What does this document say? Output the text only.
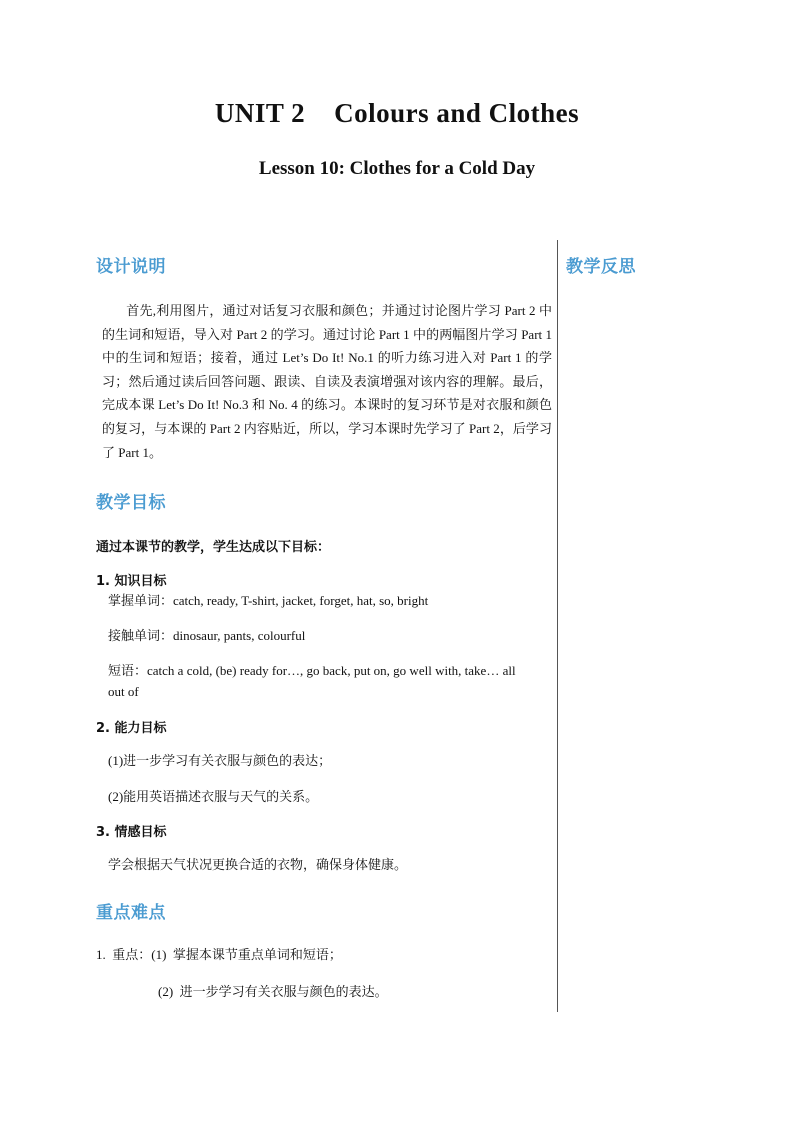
UNIT 2    Colours and Clothes
Lesson 10: Clothes for a Cold Day
设计说明	教学反思
首先,利用图片，通过对话复习衣服和颜色；并通过讨论图片学习 Part 2 中的生词和短语，导入对 Part 2 的学习。通过讨论 Part 1 中的两幅图片学习 Part 1 中的生词和短语；接着，通过 Let’s Do It! No.1 的听力练习进入对 Part 1 的学习；然后通过读后回答问题、跟读、自读及表演增强对该内容的理解。最后，完成本课 Let’s Do It! No.3 和 No. 4 的练习。本课时的复习环节是对衣服和颜色的复习，与本课的 Part 2 内容贴近，所以，学习本课时先学习了 Part 2，后学习了 Part 1。
教学目标
通过本课节的教学，学生达成以下目标：
1. 知识目标
掌握单词：catch, ready, T-shirt, jacket, forget, hat, so, bright
接触单词：dinosaur, pants, colourful
短语：catch a cold, (be) ready for…, go back, put on, go well with, take… all
out of
2. 能力目标
(1)进一步学习有关衣服与颜色的表达；
(2)能用英语描述衣服与天气的关系。
3. 情感目标
学会根据天气状况更换合适的衣物，确保身体健康。
重点难点
1.  重点：(1)  掌握本课节重点单词和短语；
(2)  进一步学习有关衣服与颜色的表达。
